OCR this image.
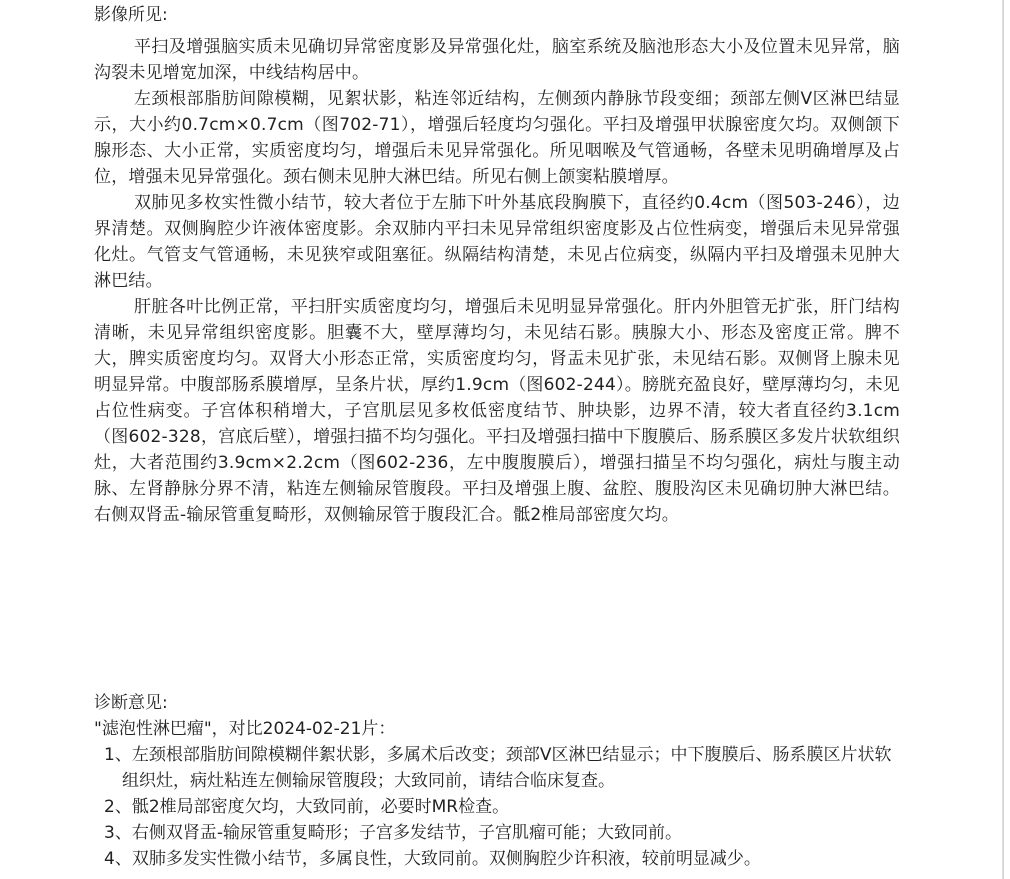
影像所见:

平扫及增强脑实质未见确切异常密度影及异常强化灶，脑室系统及脑池形态大小及位置未见异常，脑沟裂未见增宽加深，中线结构居中。

左颈根部脂肪间隙模糊，见絮状影，粘连邻近结构，左侧颈内静脉节段变细；颈部左侧V区淋巴结显示，大小约0.7cm×0.7cm（图702-71），增强后轻度均匀强化。平扫及增强甲状腺密度欠均。双侧颌下腺形态、大小正常，实质密度均匀，增强后未见异常强化。所见咽喉及气管通畅，各壁未见明确增厚及占位，增强未见异常强化。颈右侧未见肿大淋巴结。所见右侧上颌窦粘膜增厚。

双肺见多枚实性微小结节，较大者位于左肺下叶外基底段胸膜下，直径约0.4cm（图503-246），边界清楚。双侧胸腔少许液体密度影。余双肺内平扫未见异常组织密度影及占位性病变，增强后未见异常强化灶。气管支气管通畅，未见狭窄或阻塞征。纵隔结构清楚，未见占位病变，纵隔内平扫及增强未见肿大淋巴结。

肝脏各叶比例正常，平扫肝实质密度均匀，增强后未见明显异常强化。肝内外胆管无扩张，肝门结构清晰，未见异常组织密度影。胆囊不大，壁厚薄均匀，未见结石影。胰腺大小、形态及密度正常。脾不大，脾实质密度均匀。双肾大小形态正常，实质密度均匀，肾盂未见扩张，未见结石影。双侧肾上腺未见明显异常。中腹部肠系膜增厚，呈条片状，厚约1.9cm（图602-244）。膀胱充盈良好，壁厚薄均匀，未见占位性病变。子宫体积稍增大，子宫肌层见多枚低密度结节、肿块影，边界不清，较大者直径约3.1cm（图602-328，宫底后壁），增强扫描不均匀强化。平扫及增强扫描中下腹膜后、肠系膜区多发片状软组织灶，大者范围约3.9cm×2.2cm（图602-236，左中腹腹膜后），增强扫描呈不均匀强化，病灶与腹主动脉、左肾静脉分界不清，粘连左侧输尿管腹段。平扫及增强上腹、盆腔、腹股沟区未见确切肿大淋巴结。右侧双肾盂-输尿管重复畸形，双侧输尿管于腹段汇合。骶2椎局部密度欠均。

诊断意见:

"滤泡性淋巴瘤"，对比2024-02-21片：

1、左颈根部脂肪间隙模糊伴絮状影，多属术后改变；颈部V区淋巴结显示；中下腹膜后、肠系膜区片状软组织灶，病灶粘连左侧输尿管腹段；大致同前，请结合临床复查。

2、骶2椎局部密度欠均，大致同前，必要时MR检查。

3、右侧双肾盂-输尿管重复畸形；子宫多发结节，子宫肌瘤可能；大致同前。

4、双肺多发实性微小结节，多属良性，大致同前。双侧胸腔少许积液，较前明显减少。
